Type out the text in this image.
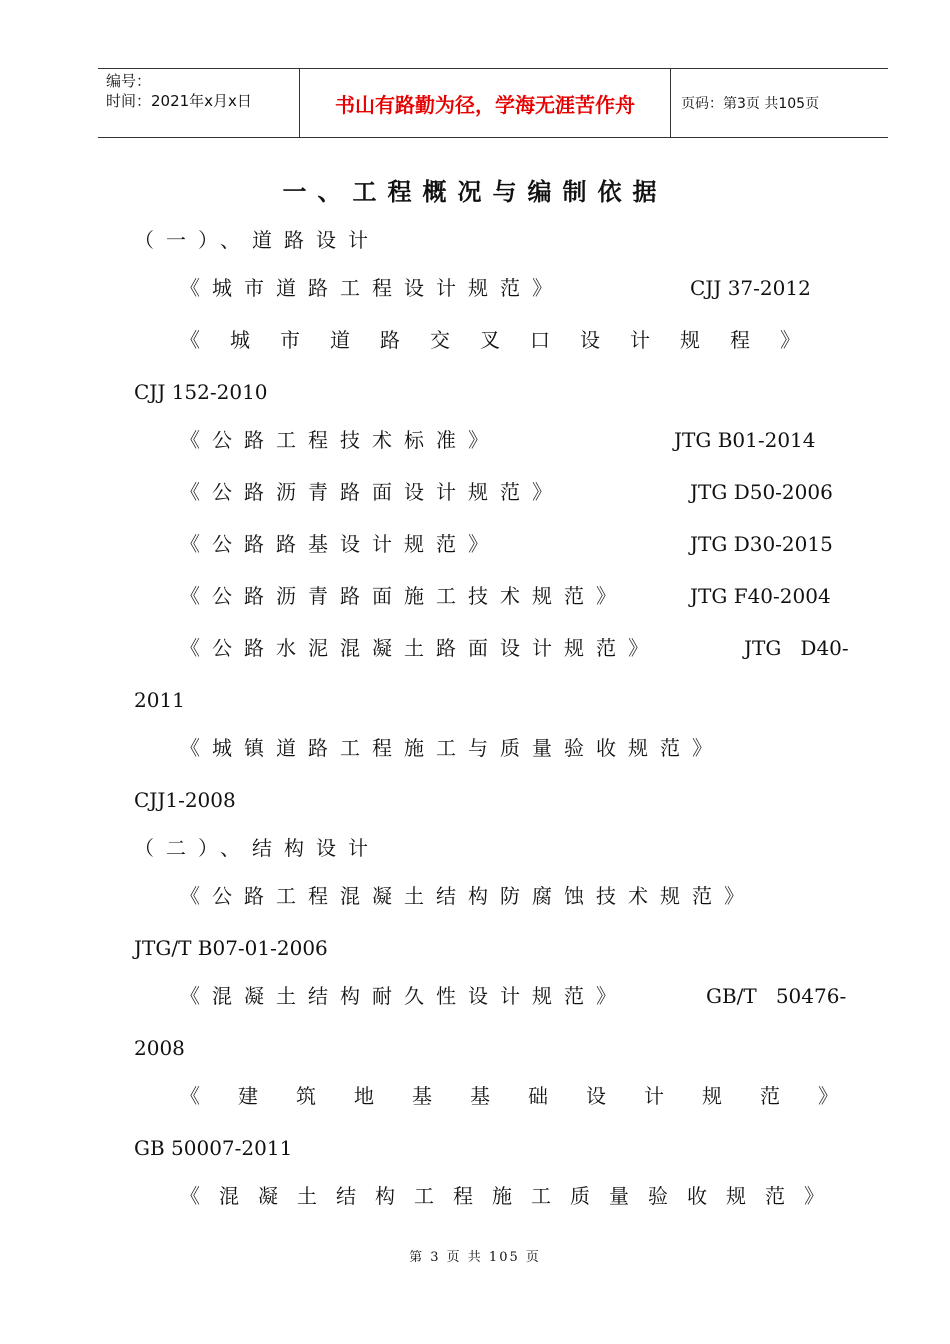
编号：
时间：2021年x月x日	书山有路勤为径，学海无涯苦作舟	页码：第3页 共105页
一、工程概况与编制依据
（一）、道路设计
《城市道路工程设计规范》	CJJ 37-2012
《城市道路交叉口设计规程》
CJJ 152-2010
《公路工程技术标准》	JTG B01-2014
《公路沥青路面设计规范》	JTG D50-2006
《公路路基设计规范》	JTG D30-2015
《公路沥青路面施工技术规范》	JTG F40-2004
《公路水泥混凝土路面设计规范》	JTG   D40-
2011
《城镇道路工程施工与质量验收规范》
CJJ1-2008
（二）、结构设计
《公路工程混凝土结构防腐蚀技术规范》
JTG/T B07-01-2006
《混凝土结构耐久性设计规范》	GB/T   50476-
2008
《建筑地基基础设计规范》
GB 50007-2011
《混凝土结构工程施工质量验收规范》
第 3 页 共 105 页
